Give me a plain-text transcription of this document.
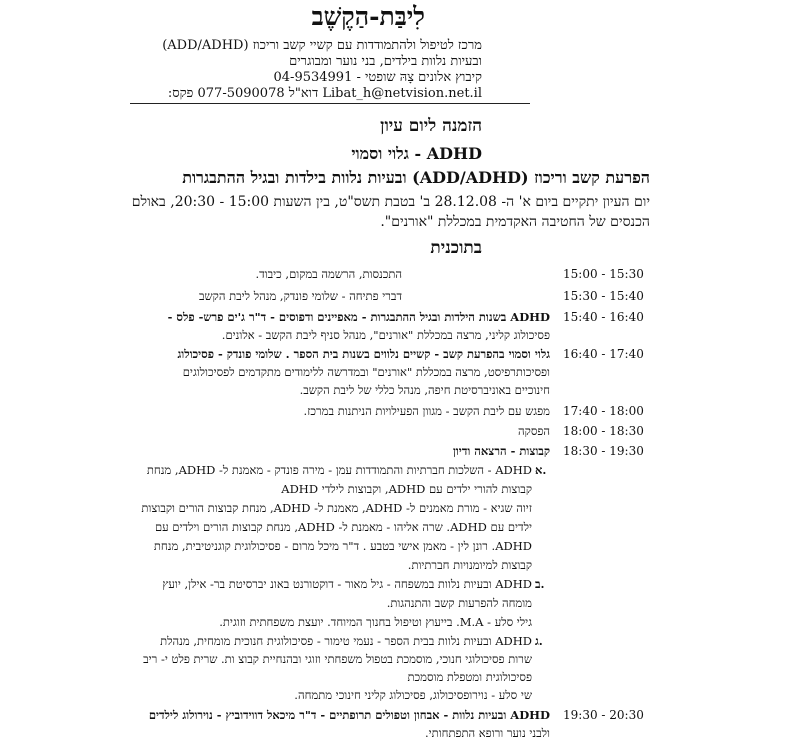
לִיבַּת-הַקֶשֶׁב
מרכז לטיפול ולהתמודדות עם קשיי קשב וריכוז (ADD/ADHD)
ובעיות נלוות בילדים, בני נוער ומבוגרים
קיבוץ אלונים צָהּ שופטי - 04-9534991
Libat_h@netvision.net.il דוא"ל 077-5090078 פקס:
הזמנה ליום עיון
ADHD - גלוי וסמוי
הפרעת קשב וריכוז (ADD/ADHD) ובעיות נלוות בילדות ובגיל ההתבגרות
יום העיון יתקיים ביום א' ה- 28.12.08 ב' בטבת תשס"ט, בין השעות 15:00 - 20:30, באולם
הכנסים של החטיבה האקדמית במכללת "אורנים".
בתוכנית
התכנסות, הרשמה במקום, כיבוד.	15:00 - 15:30
דברי פתיחה - שלומי פונדק, מנהל ליבת הקשב	15:30 - 15:40
ADHD בשנות הילדות ובגיל ההתבגרות - מאפיינים ודפוסים - ד"ר ג'ים פרש- פלס -
פסיכולוג קליני, מרצה במכללת "אורנים", מנהל סניף ליבת הקשב - אלונים.
15:40 - 16:40
גלוי וסמוי בהפרעת קשב - קשיים נלווים בשנות בית הספר . שלומי פונדק - פסיכולוג
ופסיכותרפיסט, מרצה במכללת "אורנים" ובמדרשה ללימודים מתקדמים לפסיכולוגים
חינוכיים באוניברסיטת חיפה, מנהל כללי של ליבת הקשב.
16:40 - 17:40
מפגש עם ליבת הקשב - מגוון הפעילויות הניתנות במרכז. 17:40 - 18:00
הפסקה 18:00 - 18:30
קבוצות - הרצאה ודיון 18:30 - 19:30
א.
ADHD - השלכות חברתיות והתמודדות עמן - מירה פונדק - מאמנת ל- ADHD, מנחת
קבוצות להורי ילדים עם ADHD, וקבוצות לילדי ADHD
זיוה שגיא - מורת מאמנים ל- ADHD, מאמנת ל- ADHD, מנחת קבוצות הורים וקבוצות
ילדים עם ADHD. שרה אליהו - מאמנת ל- ADHD, מנחת קבוצות הורים וילדים עם
ADHD. רונן לין - מאמן אישי בטבע . ד"ר מיכל מרום - פסיכולוגית קוגניטיבית, מנחת
קבוצות למיומנויות חברתיות.
ב.
ADHD ובעיות נלוות במשפחה - גיל מאור - דוקטורנט באונ יברסיטת בר- אילן, יועץ
מומחה להפרעות קשב והתנהגות.
גילי סלע - M.A. בייעוץ וטיפול בחנוך המיוחד. יועצת משפחתית וזוגית.
ג.
ADHD ובעיות נלוות בבית הספר - נעמי טימור - פסיכולוגית חנוכית מומחית, מנהלת
שרות פסיכולוגי חנוכי, מוסמכת בטפול משפחתי וזוגי ובהנחיית קבוצ ות. שרית פלט י- ריב
פסיכולוגית ומטפלת מוסמכת
שי סלע - נוירופסיכולוג, פסיכולוג קליני חינוכי מתמחה.
ADHD ובעיות נלוות - אבחון וטפולים תרופתיים - ד"ר מיכאל דווידוביץ - נוירולוג לילדים
ולבני נוער ורופא התפתחותי.
19:30 - 20:30
